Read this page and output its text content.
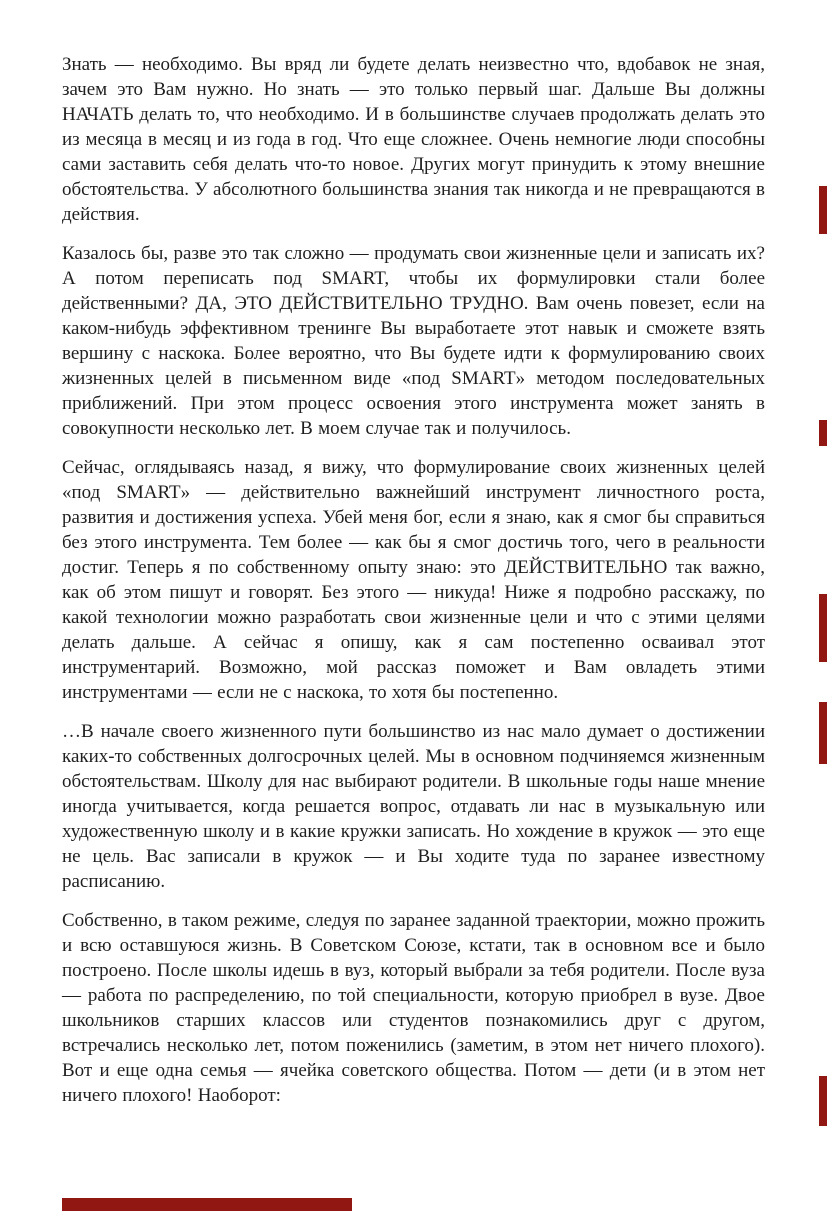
Знать — необходимо. Вы вряд ли будете делать неизвестно что, вдобавок не зная, зачем это Вам нужно. Но знать — это только первый шаг. Дальше Вы должны НАЧАТЬ делать то, что необходимо. И в большинстве случаев продолжать делать это из месяца в месяц и из года в год. Что еще сложнее. Очень немногие люди способны сами заставить себя делать что-то новое. Других могут принудить к этому внешние обстоятельства. У абсолютного большинства знания так никогда и не превращаются в действия.

Казалось бы, разве это так сложно — продумать свои жизненные цели и записать их? А потом переписать под SMART, чтобы их формулировки стали более действенными? ДА, ЭТО ДЕЙСТВИТЕЛЬНО ТРУДНО. Вам очень повезет, если на каком-нибудь эффективном тренинге Вы выработаете этот навык и сможете взять вершину с наскока. Более вероятно, что Вы будете идти к формулированию своих жизненных целей в письменном виде «под SMART» методом последовательных приближений. При этом процесс освоения этого инструмента может занять в совокупности несколько лет. В моем случае так и получилось.

Сейчас, оглядываясь назад, я вижу, что формулирование своих жизненных целей «под SMART» — действительно важнейший инструмент личностного роста, развития и достижения успеха. Убей меня бог, если я знаю, как я смог бы справиться без этого инструмента. Тем более — как бы я смог достичь того, чего в реальности достиг. Теперь я по собственному опыту знаю: это ДЕЙСТВИТЕЛЬНО так важно, как об этом пишут и говорят. Без этого — никуда! Ниже я подробно расскажу, по какой технологии можно разработать свои жизненные цели и что с этими целями делать дальше. А сейчас я опишу, как я сам постепенно осваивал этот инструментарий. Возможно, мой рассказ поможет и Вам овладеть этими инструментами — если не с наскока, то хотя бы постепенно.

…В начале своего жизненного пути большинство из нас мало думает о достижении каких-то собственных долгосрочных целей. Мы в основном подчиняемся жизненным обстоятельствам. Школу для нас выбирают родители. В школьные годы наше мнение иногда учитывается, когда решается вопрос, отдавать ли нас в музыкальную или художественную школу и в какие кружки записать. Но хождение в кружок — это еще не цель. Вас записали в кружок — и Вы ходите туда по заранее известному расписанию.

Собственно, в таком режиме, следуя по заранее заданной траектории, можно прожить и всю оставшуюся жизнь. В Советском Союзе, кстати, так в основном все и было построено. После школы идешь в вуз, который выбрали за тебя родители. После вуза — работа по распределению, по той специальности, которую приобрел в вузе. Двое школьников старших классов или студентов познакомились друг с другом, встречались несколько лет, потом поженились (заметим, в этом нет ничего плохого). Вот и еще одна семья — ячейка советского общества. Потом — дети (и в этом нет ничего плохого! Наоборот:
